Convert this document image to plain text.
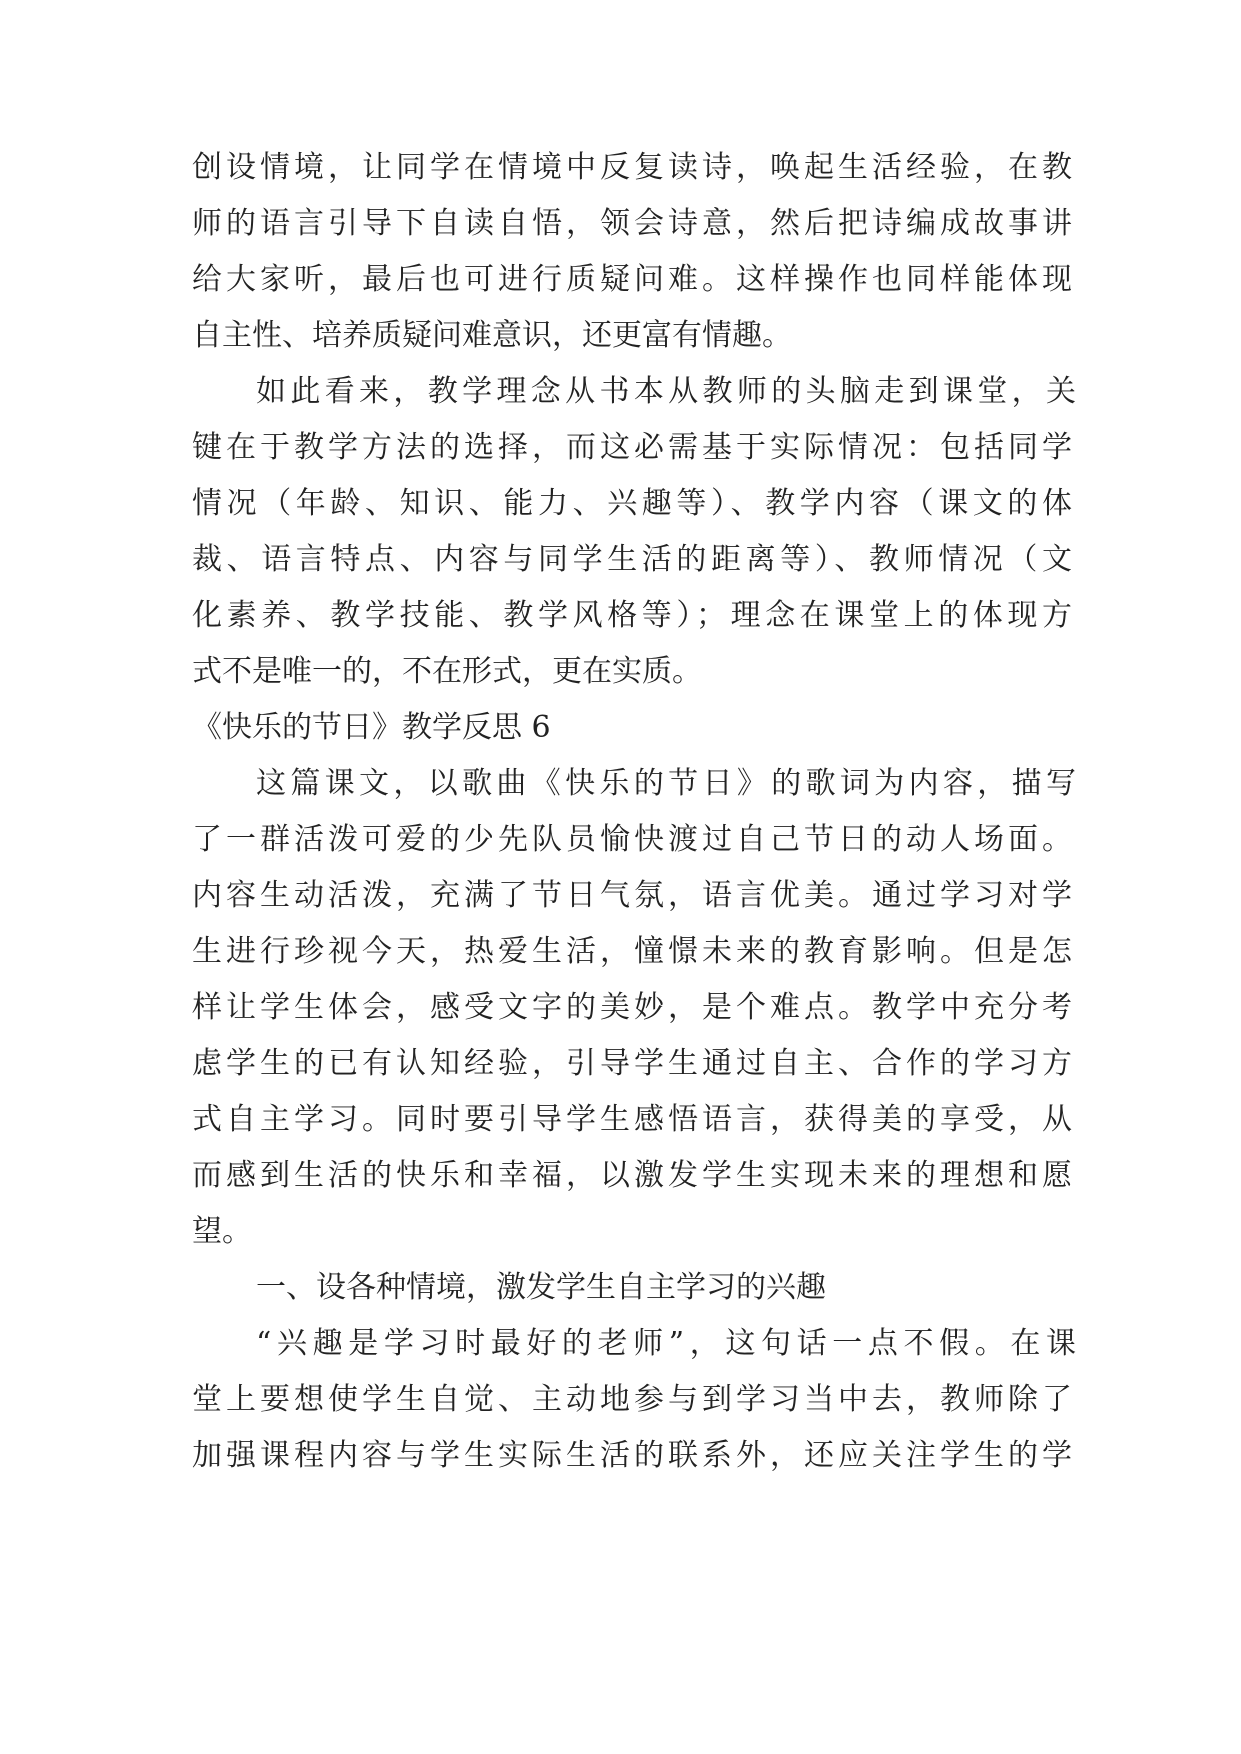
创设情境，让同学在情境中反复读诗，唤起生活经验，在教
师的语言引导下自读自悟，领会诗意，然后把诗编成故事讲
给大家听，最后也可进行质疑问难。这样操作也同样能体现
自主性、培养质疑问难意识，还更富有情趣。
如此看来，教学理念从书本从教师的头脑走到课堂，关
键在于教学方法的选择，而这必需基于实际情况：包括同学
情况（年龄、知识、能力、兴趣等）、教学内容（课文的体
裁、语言特点、内容与同学生活的距离等）、教师情况（文
化素养、教学技能、教学风格等）；理念在课堂上的体现方
式不是唯一的，不在形式，更在实质。
《快乐的节日》教学反思 6
这篇课文，以歌曲《快乐的节日》的歌词为内容，描写
了一群活泼可爱的少先队员愉快渡过自己节日的动人场面。
内容生动活泼，充满了节日气氛，语言优美。通过学习对学
生进行珍视今天，热爱生活，憧憬未来的教育影响。但是怎
样让学生体会，感受文字的美妙，是个难点。教学中充分考
虑学生的已有认知经验，引导学生通过自主、合作的学习方
式自主学习。同时要引导学生感悟语言，获得美的享受，从
而感到生活的快乐和幸福，以激发学生实现未来的理想和愿
望。
一、设各种情境，激发学生自主学习的兴趣
“兴趣是学习时最好的老师”，这句话一点不假。在课
堂上要想使学生自觉、主动地参与到学习当中去，教师除了
加强课程内容与学生实际生活的联系外，还应关注学生的学
